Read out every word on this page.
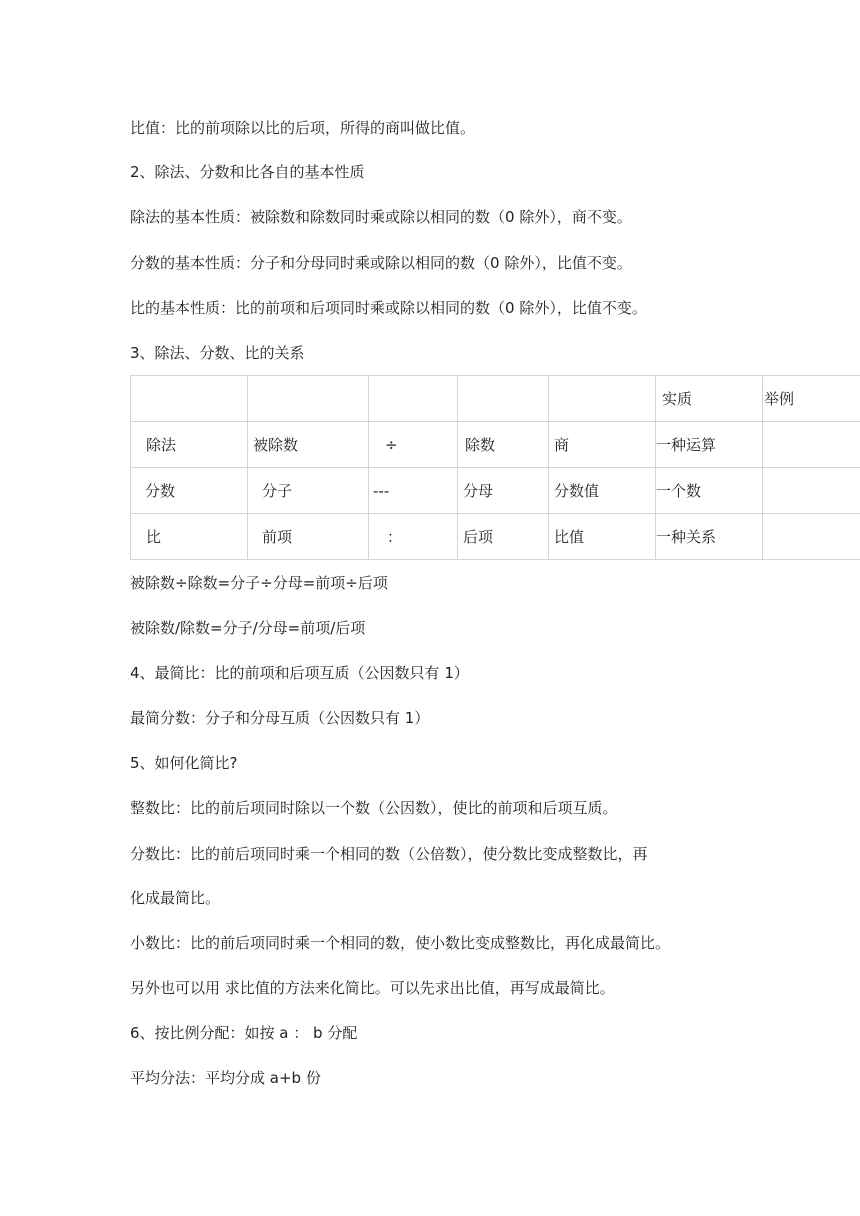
比值：比的前项除以比的后项，所得的商叫做比值。
2、除法、分数和比各自的基本性质
除法的基本性质：被除数和除数同时乘或除以相同的数（0 除外），商不变。
分数的基本性质：分子和分母同时乘或除以相同的数（0 除外），比值不变。
比的基本性质：比的前项和后项同时乘或除以相同的数（0 除外），比值不变。
3、除法、分数、比的关系
					实质	举例
除法	被除数	÷	除数	商	一种运算	
分数	分子	---	分母	分数值	一个数	
比	前项	：	后项	比值	一种关系	
被除数÷除数=分子÷分母=前项÷后项
被除数/除数=分子/分母=前项/后项
4、最简比：比的前项和后项互质（公因数只有 1）
最简分数：分子和分母互质（公因数只有 1）
5、如何化简比?
整数比：比的前后项同时除以一个数（公因数），使比的前项和后项互质。
分数比：比的前后项同时乘一个相同的数（公倍数），使分数比变成整数比，再
化成最简比。
小数比：比的前后项同时乘一个相同的数，使小数比变成整数比，再化成最简比。
另外也可以用 求比值的方法来化简比。可以先求出比值，再写成最简比。
6、按比例分配：如按 a ： b 分配
平均分法：平均分成 a+b 份
